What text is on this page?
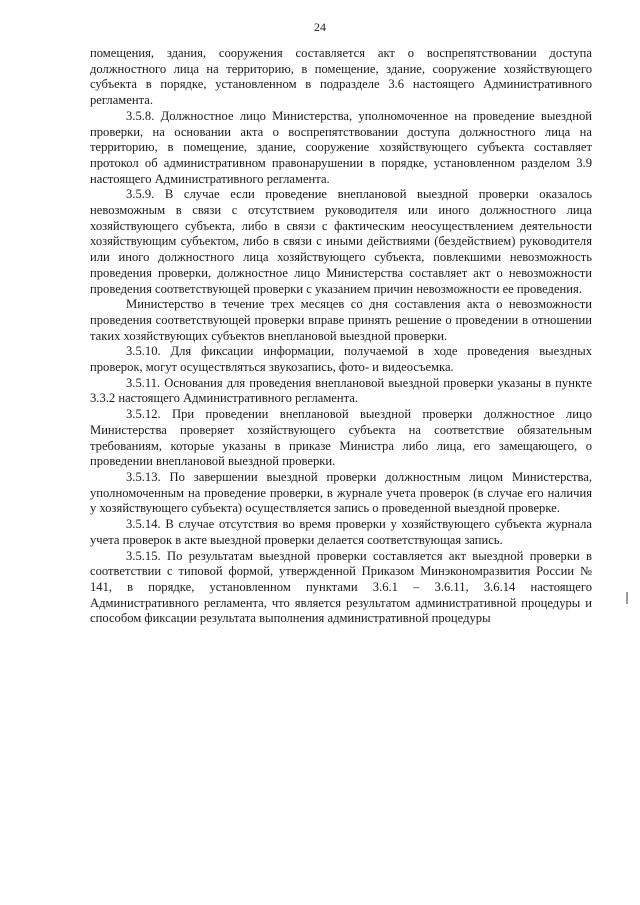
24

помещения, здания, сооружения составляется акт о воспрепятствовании доступа должностного лица на территорию, в помещение, здание, сооружение хозяйствующего субъекта в порядке, установленном в подразделе 3.6 настоящего Административного регламента.

3.5.8. Должностное лицо Министерства, уполномоченное на проведение выездной проверки, на основании акта о воспрепятствовании доступа должностного лица на территорию, в помещение, здание, сооружение хозяйствующего субъекта составляет протокол об административном правонарушении в порядке, установленном разделом 3.9 настоящего Административного регламента.

3.5.9. В случае если проведение внеплановой выездной проверки оказалось невозможным в связи с отсутствием руководителя или иного должностного лица хозяйствующего субъекта, либо в связи с фактическим неосуществлением деятельности хозяйствующим субъектом, либо в связи с иными действиями (бездействием) руководителя или иного должностного лица хозяйствующего субъекта, повлекшими невозможность проведения проверки, должностное лицо Министерства составляет акт о невозможности проведения соответствующей проверки с указанием причин невозможности ее проведения.

Министерство в течение трех месяцев со дня составления акта о невозможности проведения соответствующей проверки вправе принять решение о проведении в отношении таких хозяйствующих субъектов внеплановой выездной проверки.

3.5.10. Для фиксации информации, получаемой в ходе проведения выездных проверок, могут осуществляться звукозапись, фото- и видеосъемка.

3.5.11. Основания для проведения внеплановой выездной проверки указаны в пункте 3.3.2 настоящего Административного регламента.

3.5.12. При проведении внеплановой выездной проверки должностное лицо Министерства проверяет хозяйствующего субъекта на соответствие обязательным требованиям, которые указаны в приказе Министра либо лица, его замещающего, о проведении внеплановой выездной проверки.

3.5.13. По завершении выездной проверки должностным лицом Министерства, уполномоченным на проведение проверки, в журнале учета проверок (в случае его наличия у хозяйствующего субъекта) осуществляется запись о проведенной выездной проверке.

3.5.14. В случае отсутствия во время проверки у хозяйствующего субъекта журнала учета проверок в акте выездной проверки делается соответствующая запись.

3.5.15. По результатам выездной проверки составляется акт выездной проверки в соответствии с типовой формой, утвержденной Приказом Минэкономразвития России № 141, в порядке, установленном пунктами 3.6.1 – 3.6.11, 3.6.14 настоящего Административного регламента, что является результатом административной процедуры и способом фиксации результата выполнения административной процедуры
